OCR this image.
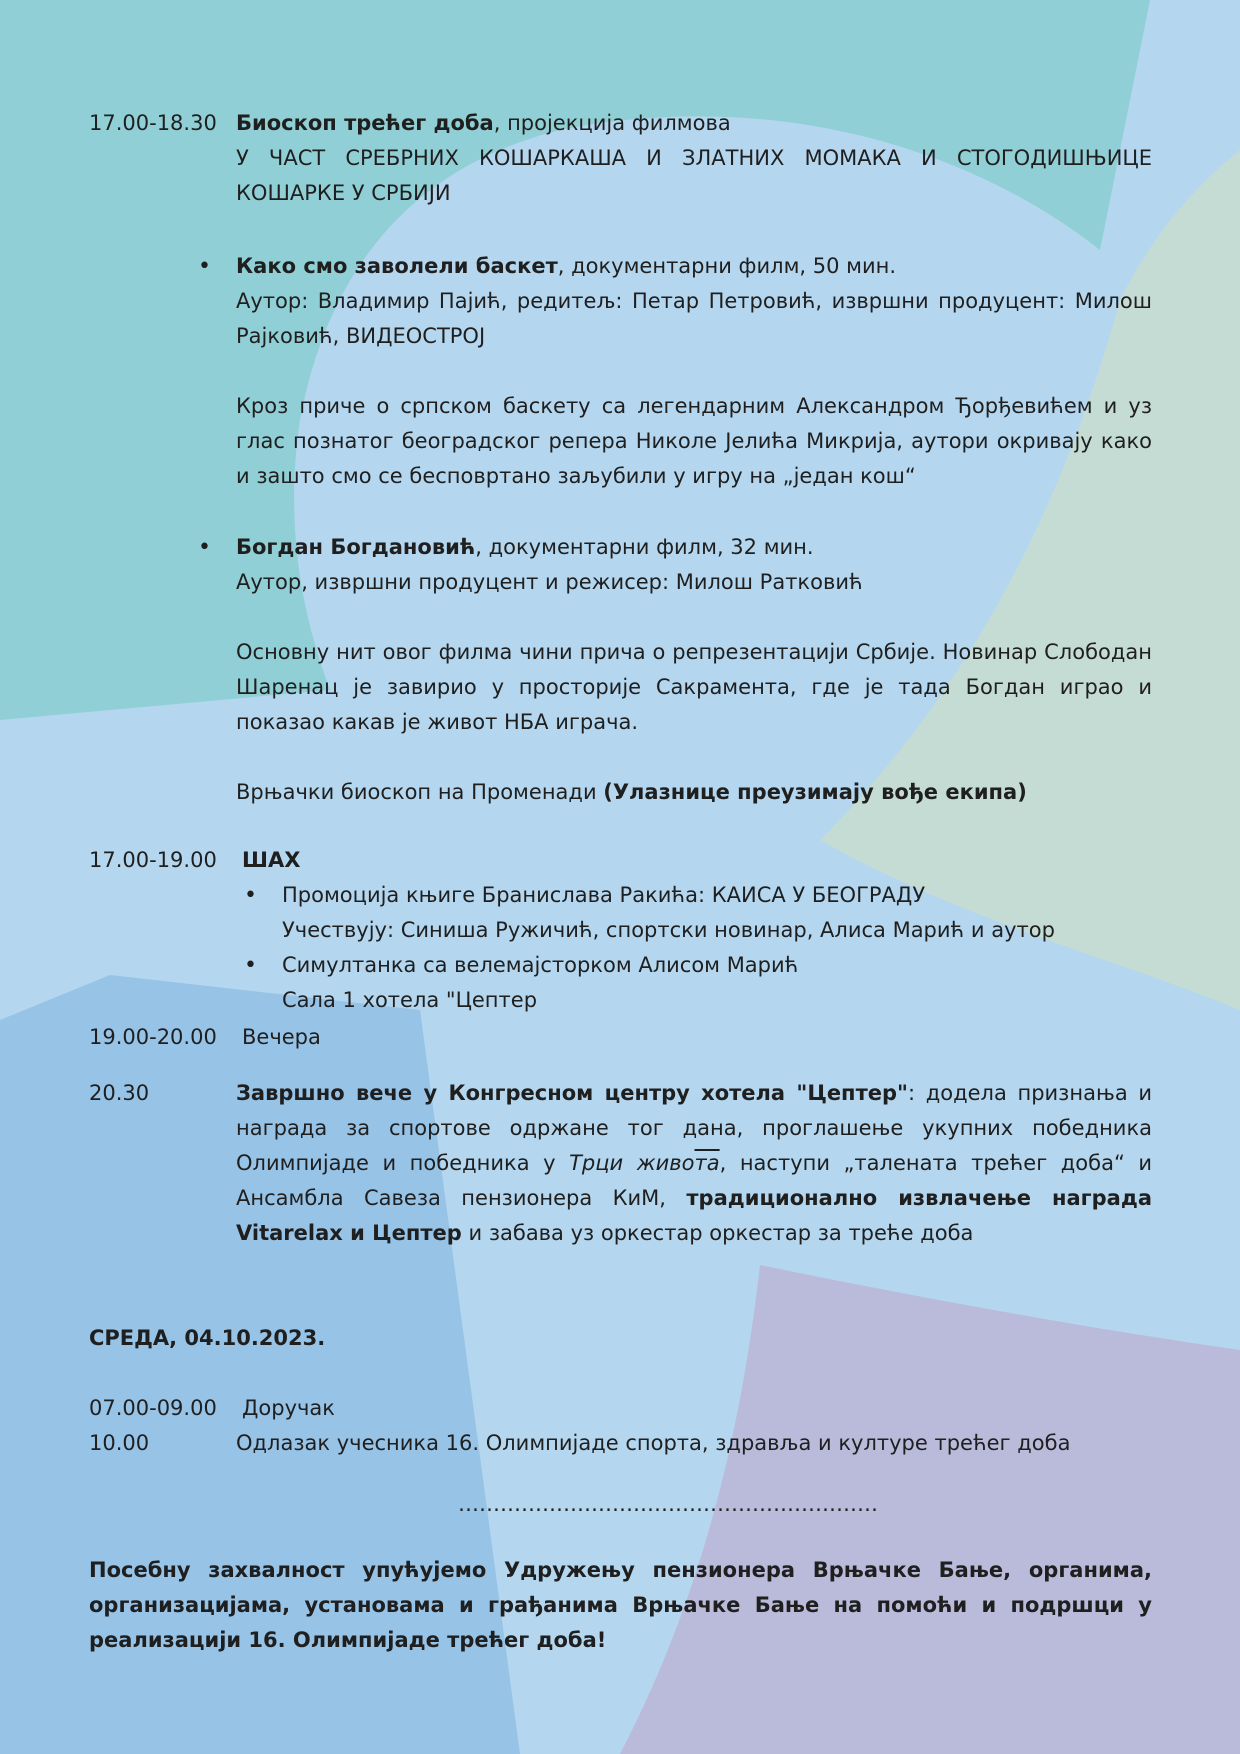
17.00-18.30 Биоскоп трећег доба, пројекција филмова

У ЧАСТ СРЕБРНИХ КОШАРКАША И ЗЛАТНИХ МОМАКА И СТОГОДИШЊИЦЕ КОШАРКЕ У СРБИЈИ

• Како смо заволели баскет, документарни филм, 50 мин.

Аутор: Владимир Пајић, редитељ: Петар Петровић, извршни продуцент: Милош Рајковић, ВИДЕОСТРОЈ

Кроз приче о српском баскету са легендарним Александром Ђорђевићем и уз глас познатог београдског репера Николе Јелића Микрија, аутори окривају како и зашто смо се бесповртано заљубили у игру на „један кош“

• Богдан Богдановић, документарни филм, 32 мин.

Аутор, извршни продуцент и режисер: Милош Ратковић

Основну нит овог филма чини прича о репрезентацији Србије. Новинар Слободан Шаренац је завирио у просторије Сакрамента, где је тада Богдан играо и показао какав је живот НБА играча.

Врњачки биоскоп на Променади (Улазнице преузимају вође екипа)

17.00-19.00 ШАХ
• Промоција књиге Бранислава Ракића: КАИСА У БЕОГРАДУ
Учествују: Синиша Ружичић, спортски новинар, Алиса Марић и аутор
• Симултанка са велемајсторком Алисом Марић
Сала 1 хотела "Цептер
19.00-20.00 Вечера
20.30	Завршно вече у Конгресном центру хотела "Цептер": додела признања и награда за спортове одржане тог дана, проглашење укупних победника Олимпијаде и победника у Трци живота, наступи „талената трећег доба“ и Ансамбла Савеза пензионера КиМ, традиционално извлачење награда Vitarelax и Цептер и забава уз оркестар оркестар за треће доба

СРЕДА, 04.10.2023.
07.00-09.00 Доручак
10.00	Одлазак учесника 16. Олимпијаде спорта, здравља и културе трећег доба
……………………………………………………
Посебну захвалност упућујемо Удружењу пензионера Врњачке Бање, органима, организацијама, установама и грађанима Врњачке Бање на помоћи и подршци у реализацији 16. Олимпијаде трећег доба!
